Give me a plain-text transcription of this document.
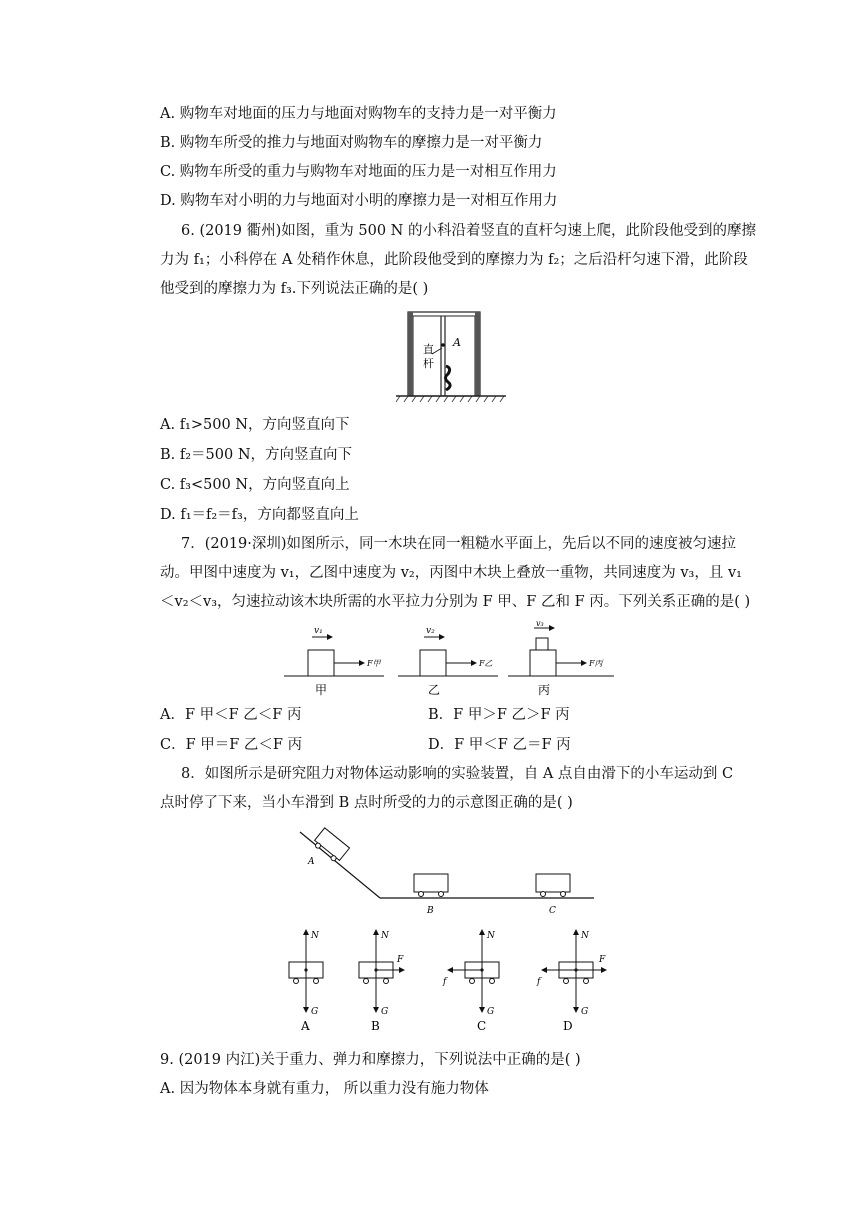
A. 购物车对地面的压力与地面对购物车的支持力是一对平衡力
B. 购物车所受的推力与地面对购物车的摩擦力是一对平衡力
C. 购物车所受的重力与购物车对地面的压力是一对相互作用力
D. 购物车对小明的力与地面对小明的摩擦力是一对相互作用力
6. (2019 衢州)如图，重为 500 N 的小科沿着竖直的直杆匀速上爬，此阶段他受到的摩擦
力为 f₁；小科停在 A 处稍作休息，此阶段他受到的摩擦力为 f₂；之后沿杆匀速下滑，此阶段
他受到的摩擦力为 f₃.下列说法正确的是( )
直
杆
A
A. f₁>500 N，方向竖直向下
B. f₂＝500 N，方向竖直向下
C. f₃<500 N，方向竖直向上
D. f₁＝f₂＝f₃，方向都竖直向上
7．(2019·深圳)如图所示，同一木块在同一粗糙水平面上，先后以不同的速度被匀速拉
动。甲图中速度为 v₁，乙图中速度为 v₂，丙图中木块上叠放一重物，共同速度为 v₃，且 v₁
＜v₂＜v₃，匀速拉动该木块所需的水平拉力分别为 F 甲、F 乙和 F 丙。下列关系正确的是( )
v₁
F甲
甲
v₂
F乙
乙
v₃
F丙
丙
A．F 甲＜F 乙＜F 丙	B．F 甲＞F 乙＞F 丙
C．F 甲＝F 乙＜F 丙	D．F 甲＜F 乙＝F 丙
8．如图所示是研究阻力对物体运动影响的实验装置，自 A 点自由滑下的小车运动到 C
点时停了下来，当小车滑到 B 点时所受的力的示意图正确的是( )
A
B	C
N
G
A
N
F
G
B
N
f
G
C
N
F
f
G
D
9. (2019 内江)关于重力、弹力和摩擦力，下列说法中正确的是( )
A. 因为物体本身就有重力， 所以重力没有施力物体
